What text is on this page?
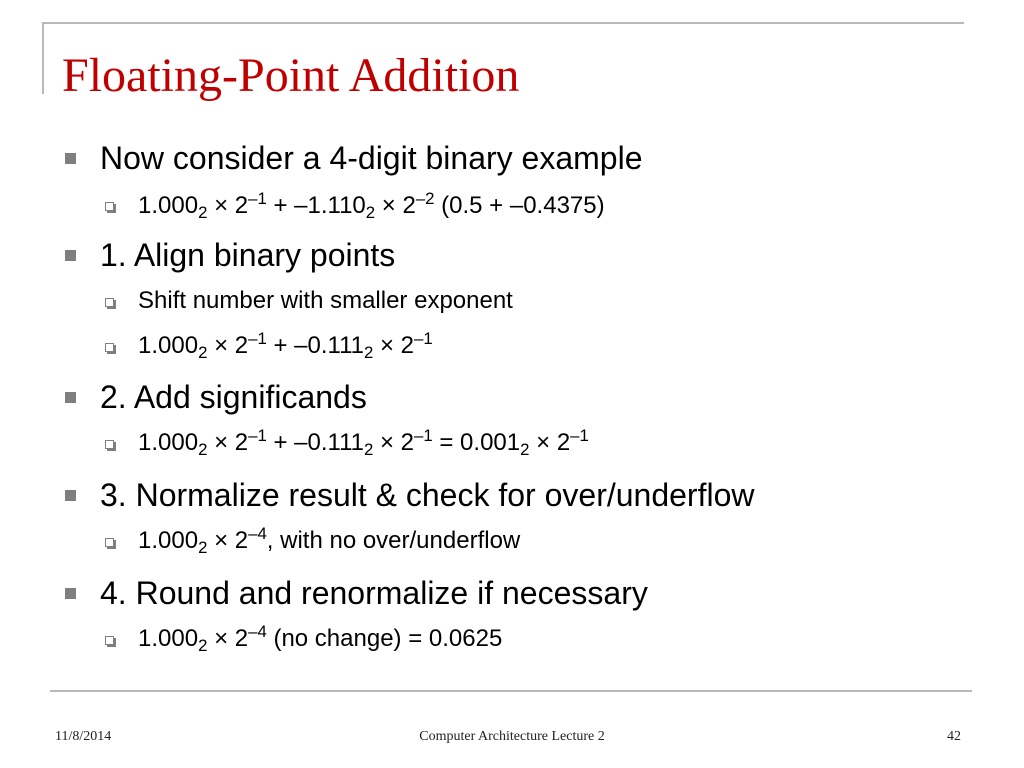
Floating-Point Addition
Now consider a 4-digit binary example
$1.000_2 \times 2^{-1} + -1.110_2 \times 2^{-2}$ (0.5 + –0.4375)
1. Align binary points
Shift number with smaller exponent
$1.000_2 \times 2^{-1} + -0.111_2 \times 2^{-1}$
2. Add significands
$1.000_2 \times 2^{-1} + -0.111_2 \times 2^{-1} = 0.001_2 \times 2^{-1}$
3. Normalize result & check for over/underflow
$1.000_2 \times 2^{-4}$, with no over/underflow
4. Round and renormalize if necessary
$1.000_2 \times 2^{-4}$ (no change) = 0.0625
11/8/2014	Computer Architecture Lecture 2	42
